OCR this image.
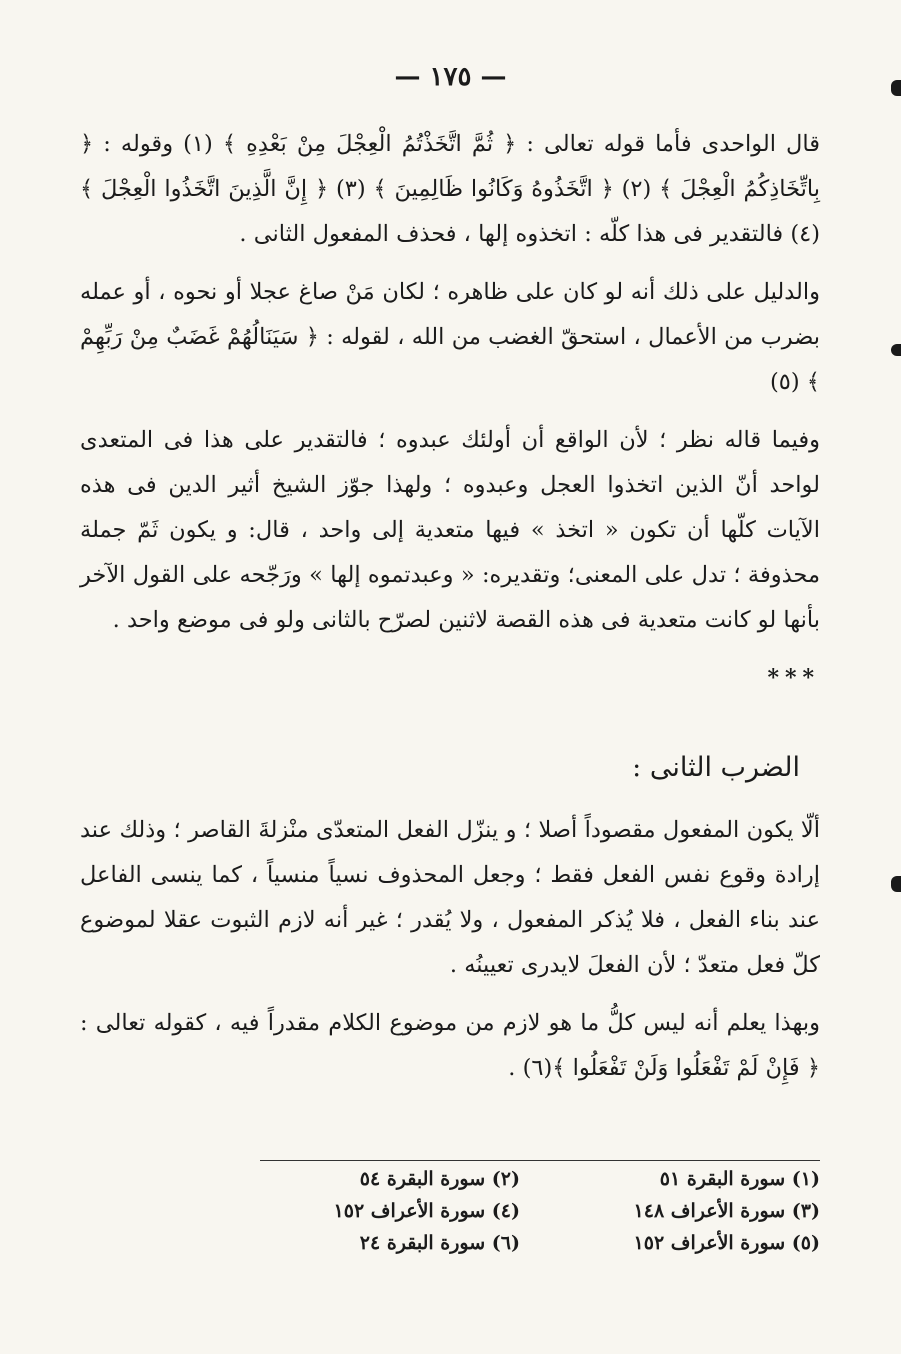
— ١٧٥ —

قال الواحدى فأما قوله تعالى : ﴿ ثُمَّ اتَّخَذْتُمُ الْعِجْلَ مِنْ بَعْدِهِ ﴾ (١) وقوله : ﴿ بِاتِّخَاذِكُمُ الْعِجْلَ ﴾ (٢) ﴿ اتَّخَذُوهُ وَكَانُوا ظَالِمِينَ ﴾ (٣) ﴿ إِنَّ الَّذِينَ اتَّخَذُوا الْعِجْلَ ﴾ (٤) فالتقدير فى هذا كلّه : اتخذوه إلها ، فحذف المفعول الثانى .

والدليل على ذلك أنه لو كان على ظاهره ؛ لكان مَنْ صاغ عجلا أو نحوه ، أو عمله بضرب من الأعمال ، استحقّ الغضب من الله ، لقوله : ﴿ سَيَنَالُهُمْ غَضَبٌ مِنْ رَبِّهِمْ ﴾ (٥)

وفيما قاله نظر ؛ لأن الواقع أن أولئك عبدوه ؛ فالتقدير على هذا فى المتعدى لواحد أنّ الذين اتخذوا العجل وعبدوه ؛ ولهذا جوّز الشيخ أثير الدين فى هذه الآيات كلّها أن تكون « اتخذ » فيها متعدية إلى واحد ، قال: و يكون ثَمّ جملة محذوفة ؛ تدل على المعنى؛ وتقديره: « وعبدتموه إلها » ورَجّحه على القول الآخر بأنها لو كانت متعدية فى هذه القصة لاثنين لصرّح بالثانى ولو فى موضع واحد .

***
الضرب الثانى :

ألّا يكون المفعول مقصوداً أصلا ؛ و ينزّل الفعل المتعدّى منْزلةَ القاصر ؛ وذلك عند إرادة وقوع نفس الفعل فقط ؛ وجعل المحذوف نسياً منسياً ، كما ينسى الفاعل عند بناء الفعل ، فلا يُذكر المفعول ، ولا يُقدر ؛ غير أنه لازم الثبوت عقلا لموضوع كلّ فعل متعدّ ؛ لأن الفعلَ لايدرى تعيينُه .

وبهذا يعلم أنه ليس كلُّ ما هو لازم من موضوع الكلام مقدراً فيه ، كقوله تعالى : ﴿ فَإِنْ لَمْ تَفْعَلُوا وَلَنْ تَفْعَلُوا ﴾(٦) .

(١) سورة البقرة ٥١
(٢) سورة البقرة ٥٤
(٣) سورة الأعراف ١٤٨
(٤) سورة الأعراف ١٥٢
(٥) سورة الأعراف ١٥٢
(٦) سورة البقرة ٢٤
